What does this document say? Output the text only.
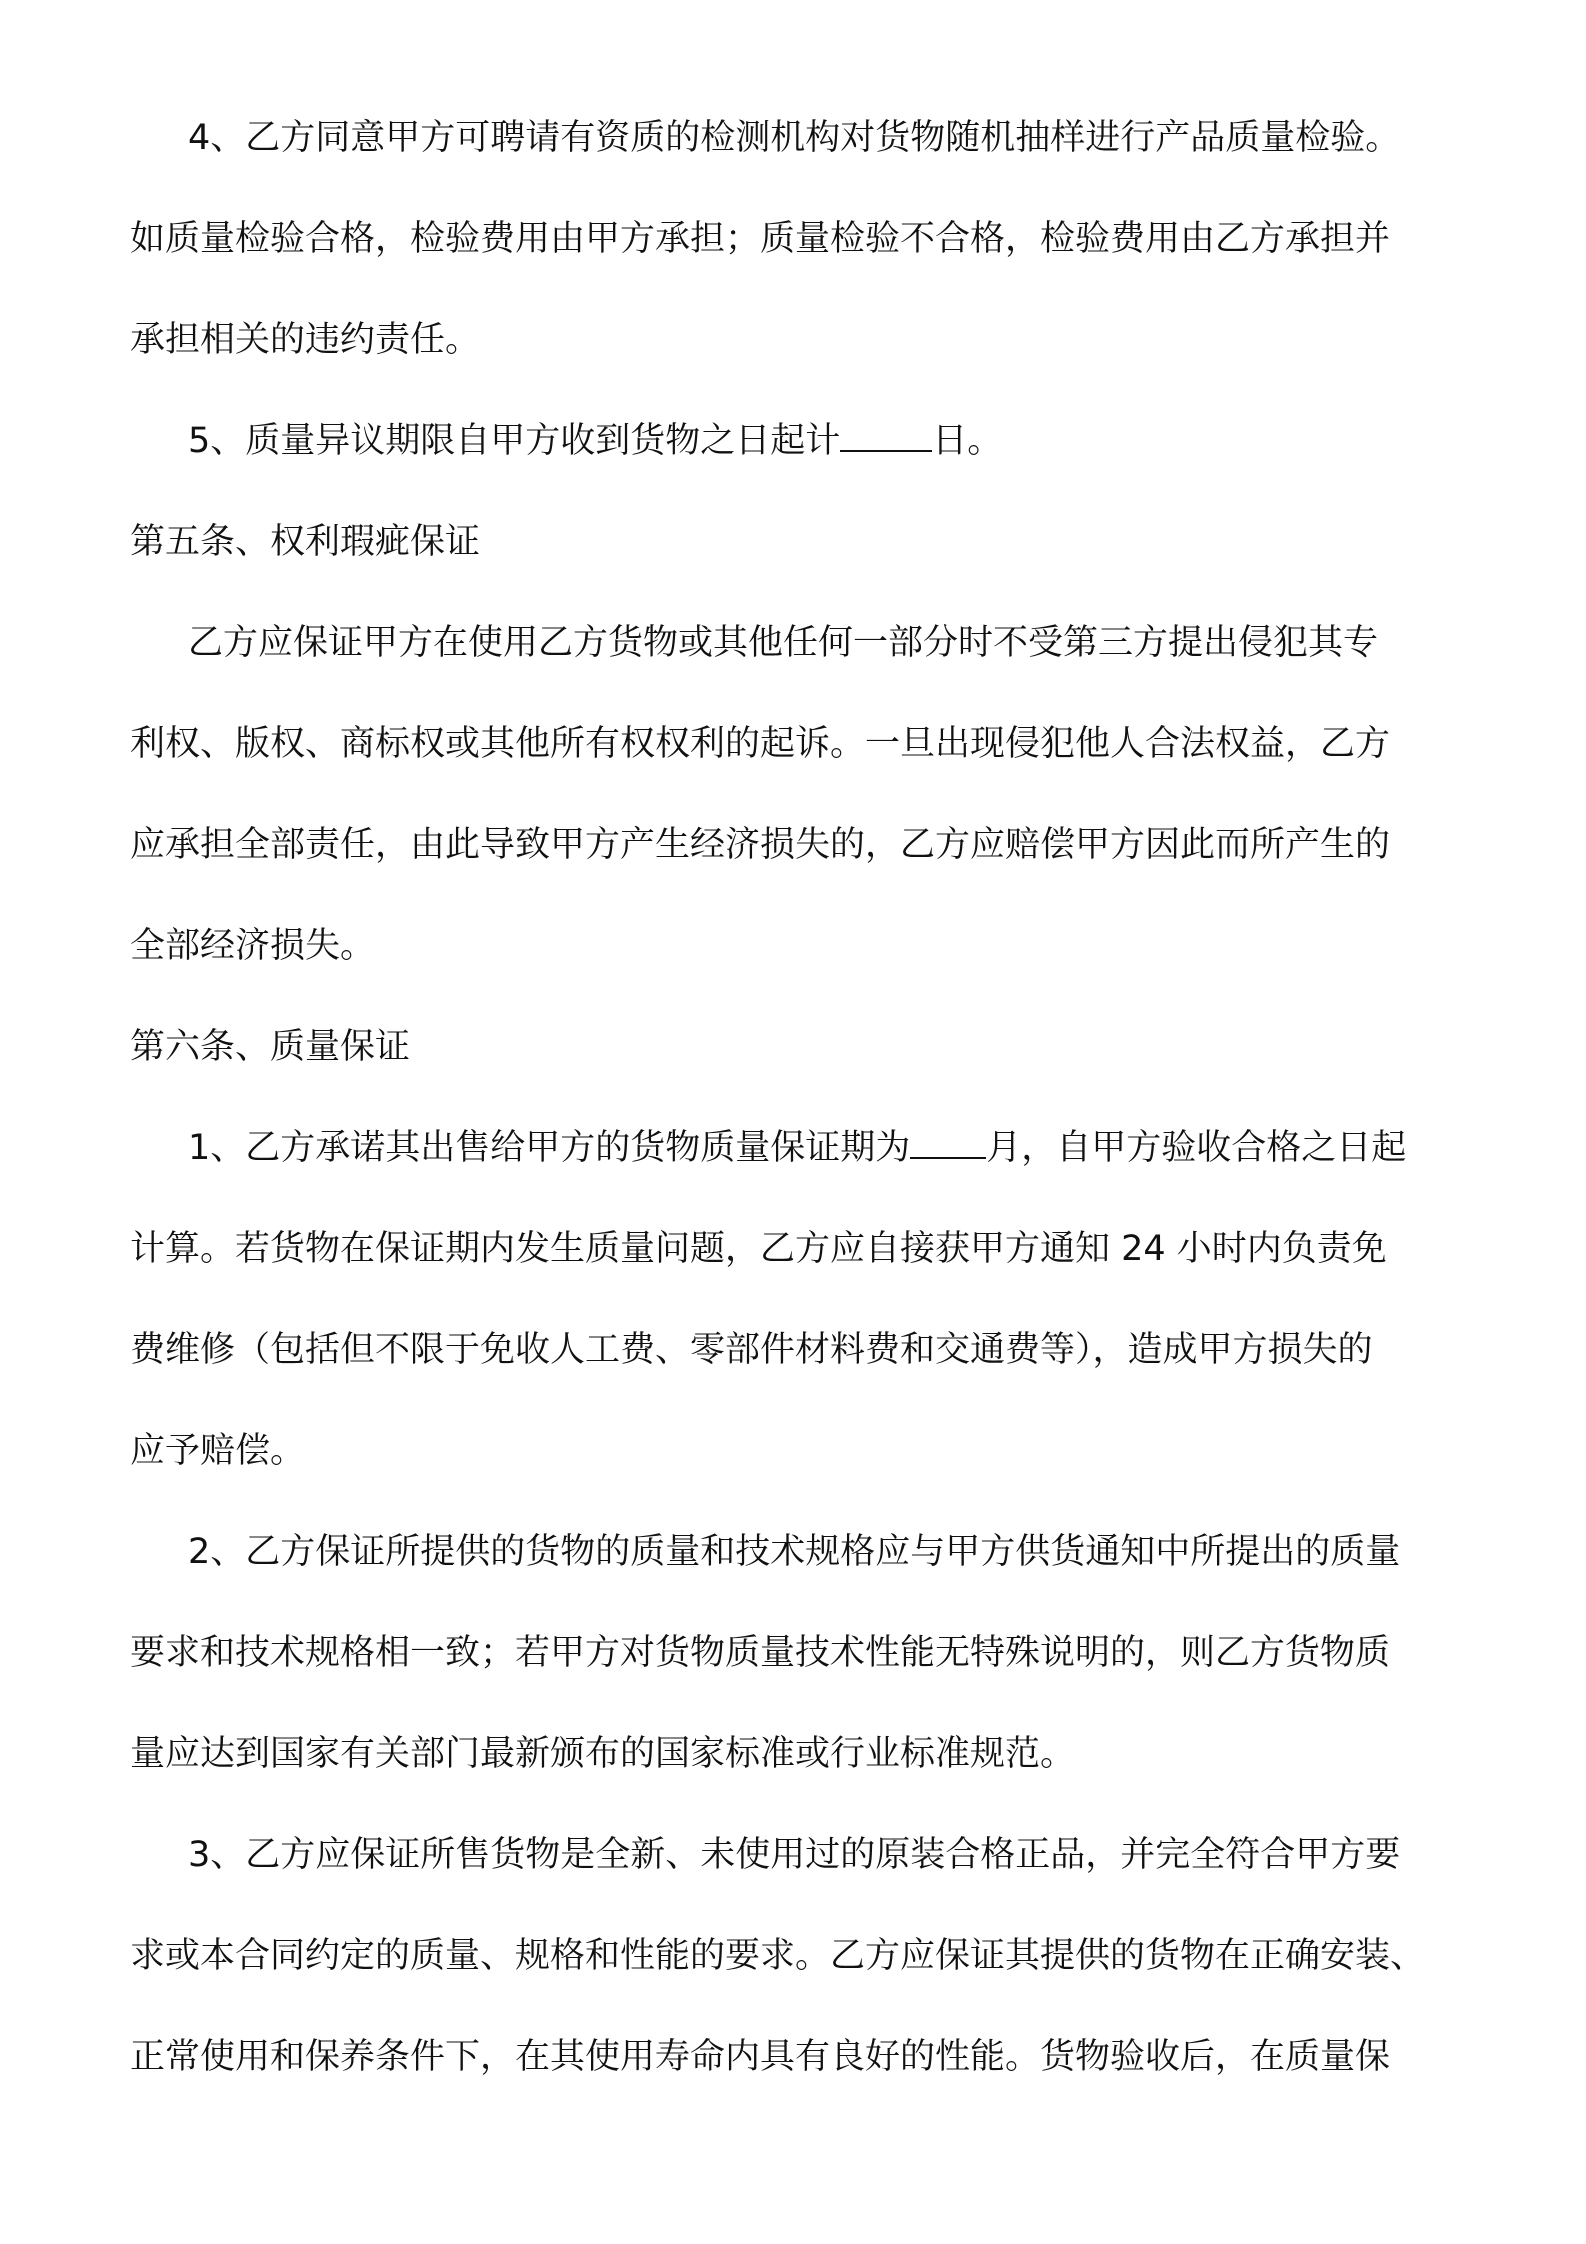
4、乙方同意甲方可聘请有资质的检测机构对货物随机抽样进行产品质量检验。
如质量检验合格，检验费用由甲方承担；质量检验不合格，检验费用由乙方承担并
承担相关的违约责任。
5、质量异议期限自甲方收到货物之日起计	日。
第五条、权利瑕疵保证
乙方应保证甲方在使用乙方货物或其他任何一部分时不受第三方提出侵犯其专
利权、版权、商标权或其他所有权权利的起诉。一旦出现侵犯他人合法权益，乙方
应承担全部责任，由此导致甲方产生经济损失的，乙方应赔偿甲方因此而所产生的
全部经济损失。
第六条、质量保证
1、乙方承诺其出售给甲方的货物质量保证期为 月，自甲方验收合格之日起
计算。若货物在保证期内发生质量问题，乙方应自接获甲方通知 24 小时内负责免
费维修（包括但不限于免收人工费、零部件材料费和交通费等），造成甲方损失的
应予赔偿。
2、乙方保证所提供的货物的质量和技术规格应与甲方供货通知中所提出的质量
要求和技术规格相一致；若甲方对货物质量技术性能无特殊说明的，则乙方货物质
量应达到国家有关部门最新颁布的国家标准或行业标准规范。
3、乙方应保证所售货物是全新、未使用过的原装合格正品，并完全符合甲方要
求或本合同约定的质量、规格和性能的要求。乙方应保证其提供的货物在正确安装、
正常使用和保养条件下，在其使用寿命内具有良好的性能。货物验收后，在质量保
